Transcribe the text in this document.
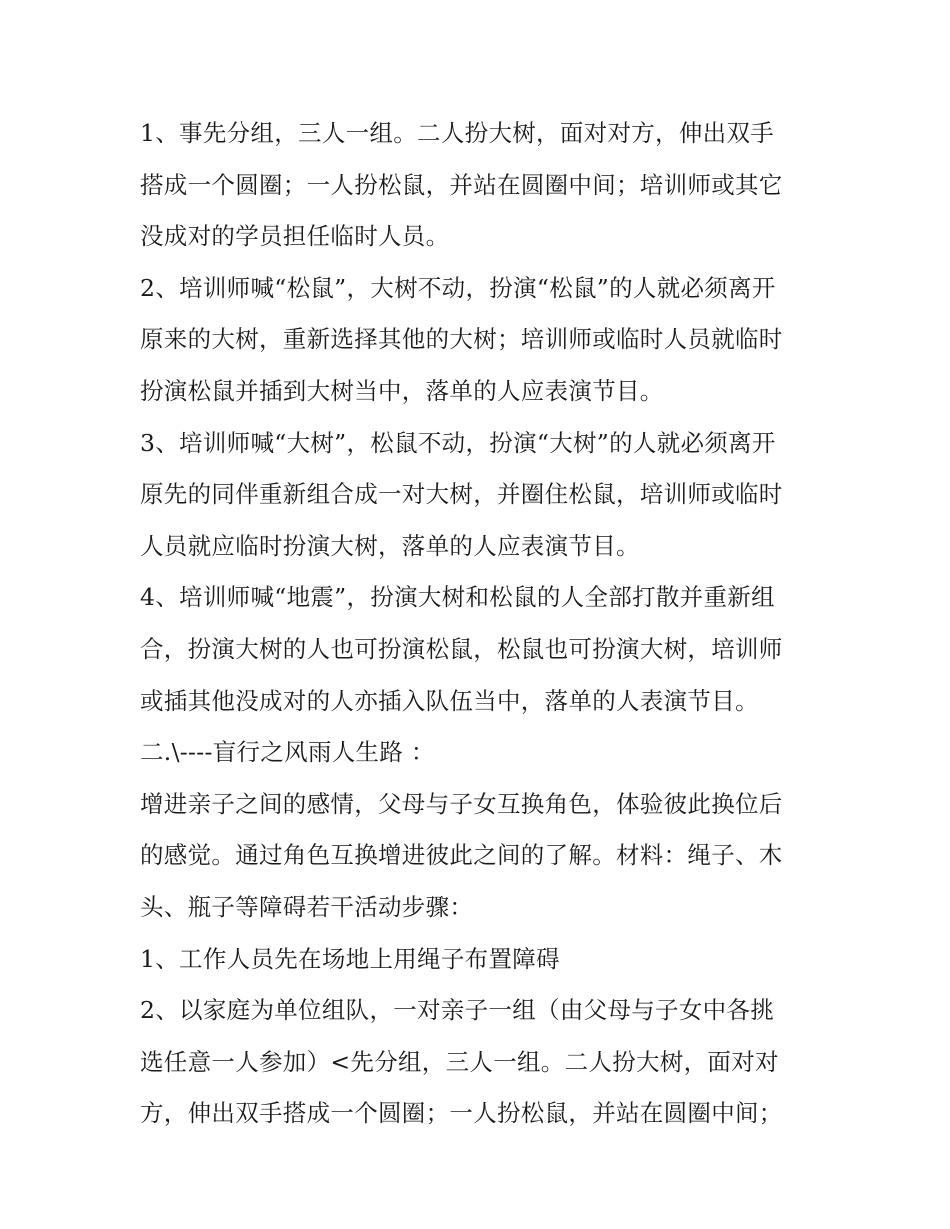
1、事先分组，三人一组。二人扮大树，面对对方，伸出双手
搭成一个圆圈；一人扮松鼠，并站在圆圈中间；培训师或其它
没成对的学员担任临时人员。
2、培训师喊“松鼠”，大树不动，扮演“松鼠”的人就必须离开
原来的大树，重新选择其他的大树；培训师或临时人员就临时
扮演松鼠并插到大树当中，落单的人应表演节目。
3、培训师喊“大树”，松鼠不动，扮演“大树”的人就必须离开
原先的同伴重新组合成一对大树，并圈住松鼠，培训师或临时
人员就应临时扮演大树，落单的人应表演节目。
4、培训师喊“地震”，扮演大树和松鼠的人全部打散并重新组
合，扮演大树的人也可扮演松鼠，松鼠也可扮演大树，培训师
或插其他没成对的人亦插入队伍当中，落单的人表演节目。
二.\----盲行之风雨人生路 ：
增进亲子之间的感情，父母与子女互换角色，体验彼此换位后
的感觉。通过角色互换增进彼此之间的了解。材料：绳子、木
头、瓶子等障碍若干活动步骤：
1、工作人员先在场地上用绳子布置障碍
2、以家庭为单位组队，一对亲子一组（由父母与子女中各挑
选任意一人参加）<先分组，三人一组。二人扮大树，面对对
方，伸出双手搭成一个圆圈；一人扮松鼠，并站在圆圈中间；
